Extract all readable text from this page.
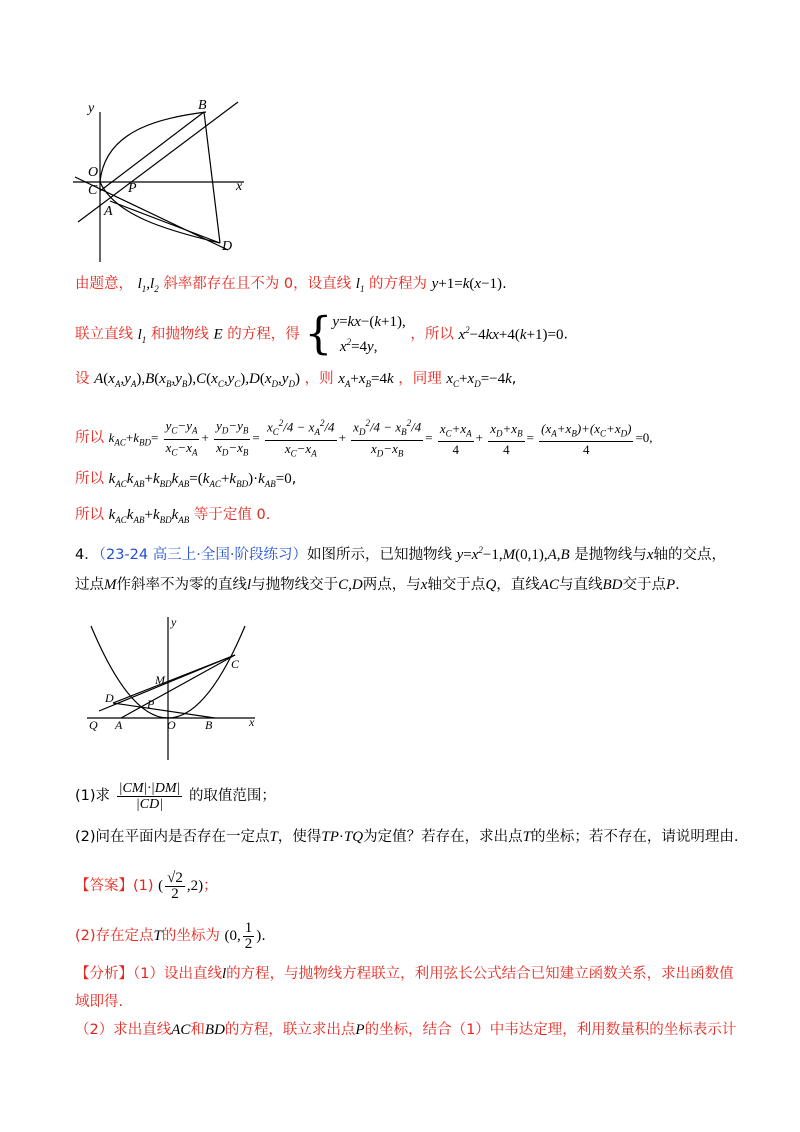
y
x
O
C P
A
B
D
由题意， $l_1,l_2$ 斜率都存在且不为 0，设直线 $l_1$ 的方程为 y+1=k(x−1).
联立直线 $l_1$ 和抛物线 E 的方程，得 {y=kx−(k+1),
$x^2=4y$, ，所以 $x^2-4kx+4(k+1)=0$.
设 $A(x_A,y_A),B(x_B,y_B),C(x_C,y_C),D(x_D,y_D)$ ，则 $x_A+x_B=4k$ ，同理 $x_C+x_D=-4k$,
所以 $k_{AC}+k_{BD}= \frac{y_C-y_A}{x_C-x_A} + \frac{y_D-y_B}{x_D-x_B} = \frac{x_C^2/4 - x_A^2/4}{x_C-x_A} + \frac{x_D^2/4 - x_B^2/4}{x_D-x_B} = \frac{x_C+x_A}{4} + \frac{x_D+x_B}{4} = \frac{(x_A+x_B)+(x_C+x_D)}{4} =0$,
所以 $k_{AC}k_{AB}+k_{BD}k_{AB}=(k_{AC}+k_{BD})\cdot k_{AB}=0$,
所以 $k_{AC}k_{AB}+k_{BD}k_{AB}$ 等于定值 0.
4．（23-24 高三上·全国·阶段练习）如图所示，已知抛物线 $y=x^2-1,M(0,1),A,B$ 是抛物线与x轴的交点，
过点M作斜率不为零的直线l与抛物线交于C,D两点，与x轴交于点Q，直线AC与直线BD交于点P.
y
x
C
M
D	P
Q A	O B
(1)求 $\frac{|CM|\cdot|DM|}{|CD|}$ 的取值范围；
(2)问在平面内是否存在一定点T，使得TP·TQ为定值？若存在，求出点T的坐标；若不存在，请说明理由.
【答案】(1) ( $\frac{√2}{2} ,2$)；
(2)存在定点T的坐标为 (0, $\frac{1}{2}$ ).
【分析】（1）设出直线l的方程，与抛物线方程联立，利用弦长公式结合已知建立函数关系，求出函数值
域即得.
（2）求出直线AC和BD的方程，联立求出点P的坐标，结合（1）中韦达定理，利用数量积的坐标表示计
